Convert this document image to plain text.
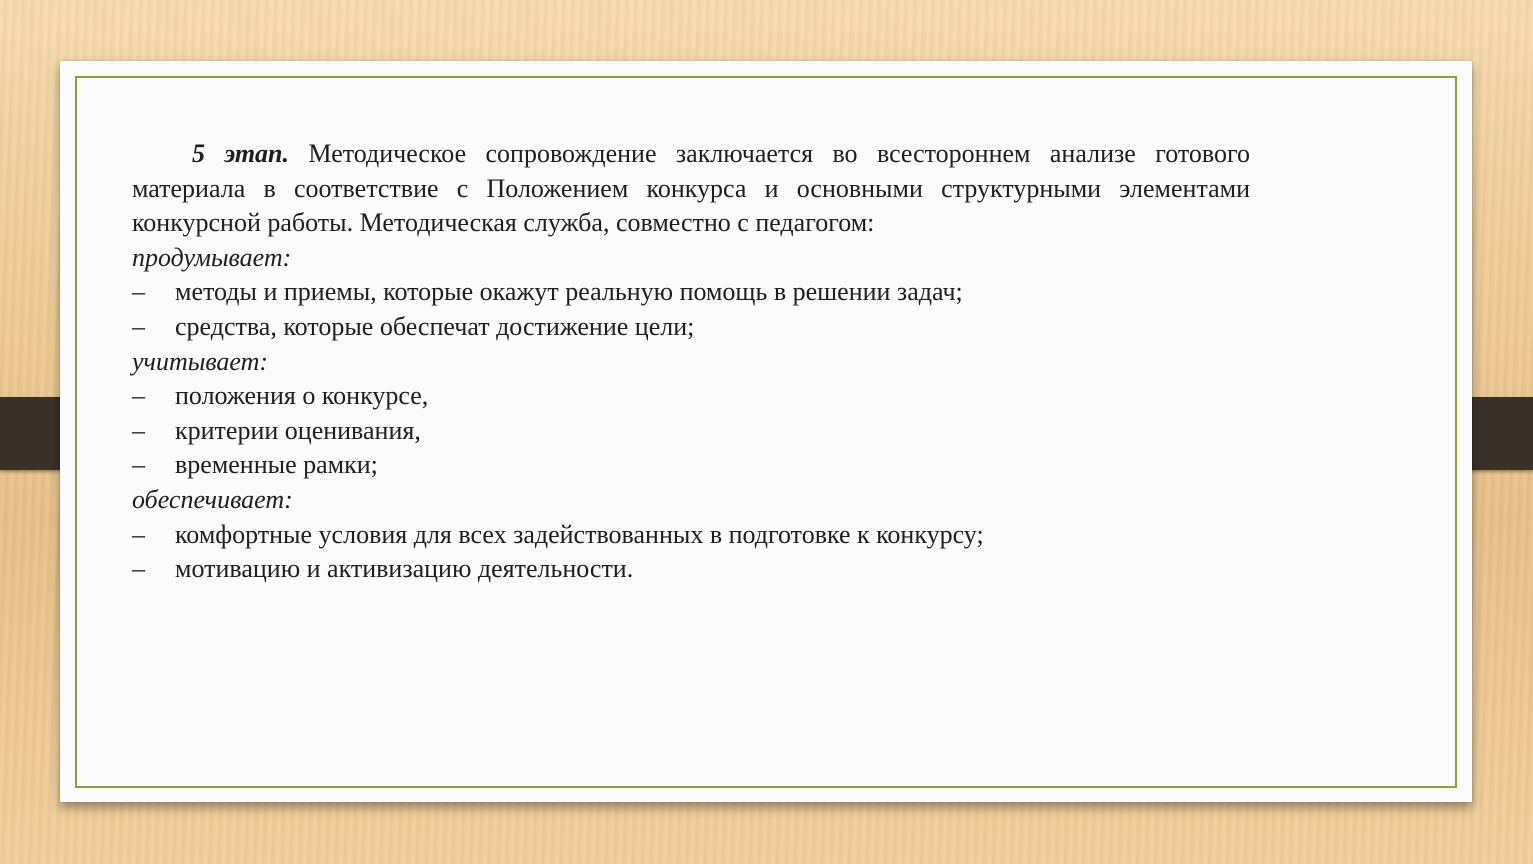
5 этап. Методическое сопровождение заключается во всестороннем анализе готового материала в соответствие с Положением конкурса и основными структурными элементами конкурсной работы. Методическая служба, совместно с педагогом:

продумывает:

– методы и приемы, которые окажут реальную помощь в решении задач;

– средства, которые обеспечат достижение цели;

учитывает:

– положения о конкурсе,

– критерии оценивания,

– временные рамки;

обеспечивает:

– комфортные условия для всех задействованных в подготовке к конкурсу;

– мотивацию и активизацию деятельности.
